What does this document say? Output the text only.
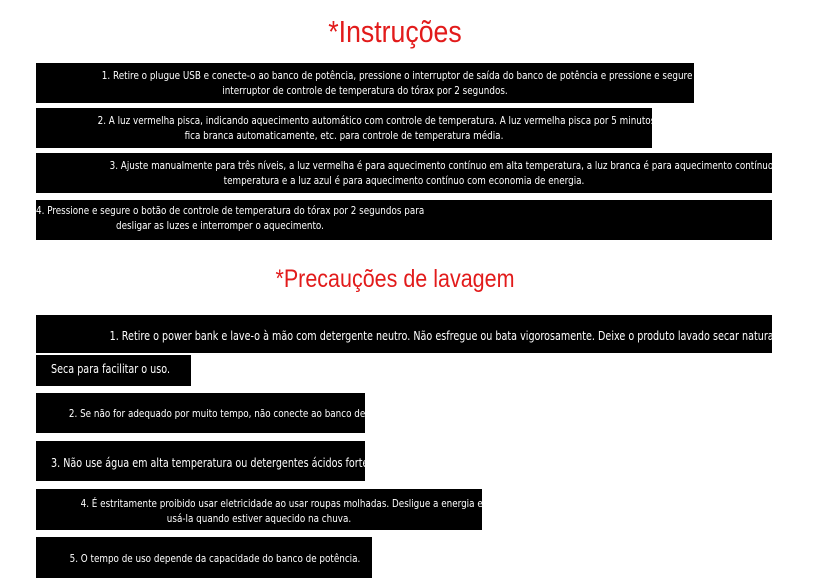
*Instruções
1. Retire o plugue USB e conecte-o ao banco de potência, pressione o interruptor de saída do banco de potência e pressione e segure o
interruptor de controle de temperatura do tórax por 2 segundos.
2. A luz vermelha pisca, indicando aquecimento automático com controle de temperatura. A luz vermelha pisca por 5 minutos e depois
fica branca automaticamente, etc. para controle de temperatura média.
3. Ajuste manualmente para três níveis, a luz vermelha é para aquecimento contínuo em alta temperatura, a luz branca é para aquecimento contínuo em média
temperatura e a luz azul é para aquecimento contínuo com economia de energia.
4. Pressione e segure o botão de controle de temperatura do tórax por 2 segundos para
desligar as luzes e interromper o aquecimento.
*Precauções de lavagem
1. Retire o power bank e lave-o à mão com detergente neutro. Não esfregue ou bata vigorosamente. Deixe o produto lavado secar naturalmente.
Seca para facilitar o uso.
2. Se não for adequado por muito tempo, não conecte ao banco de potência.
3. Não use água em alta temperatura ou detergentes ácidos fortes
4. É estritamente proibido usar eletricidade ao usar roupas molhadas. Desligue a energia e pare de
usá-la quando estiver aquecido na chuva.
5. O tempo de uso depende da capacidade do banco de potência.
